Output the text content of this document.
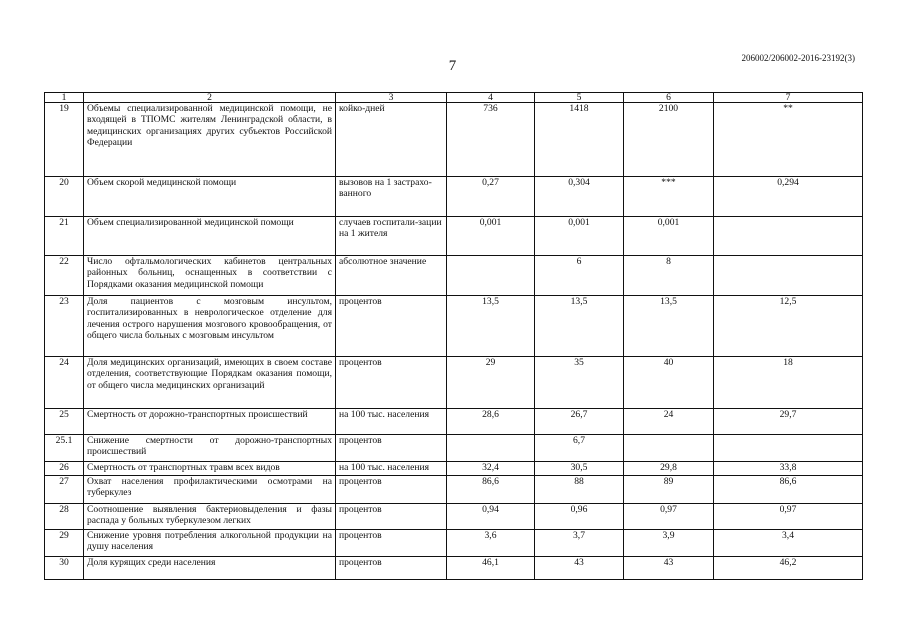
206002/206002-2016-23192(3)
7
1	2	3	4	5	6	7
19	Объемы специализированной медицинской помощи, не входящей в ТПОМС жителям Ленинградской области, в медицинских организациях других субъектов Российской Федерации	койко-дней	736	1418	2100	**
20	Объем скорой медицинской помощи	вызовов на 1 застрахо-ванного	0,27	0,304	***	0,294
21	Объем специализированной медицинской помощи	случаев госпитали-зации на 1 жителя	0,001	0,001	0,001	
22	Число офтальмологических кабинетов центральных районных больниц, оснащенных в соответствии с Порядками оказания медицинской помощи	абсолютное значение		6	8	
23	Доля пациентов с мозговым инсультом, госпитализированных в неврологическое отделение для лечения острого нарушения мозгового кровообращения, от общего числа больных с мозговым инсультом	процентов	13,5	13,5	13,5	12,5
24	Доля медицинских организаций, имеющих в своем составе отделения, соответствующие Порядкам оказания помощи, от общего числа медицинских организаций	процентов	29	35	40	18
25	Смертность от дорожно-транспортных происшествий	на 100 тыс. населения	28,6	26,7	24	29,7
25.1	Снижение смертности от дорожно-транспортных происшествий	процентов		6,7		
26	Смертность от транспортных травм всех видов	на 100 тыс. населения	32,4	30,5	29,8	33,8
27	Охват населения профилактическими осмотрами на туберкулез	процентов	86,6	88	89	86,6
28	Соотношение выявления бактериовыделения и фазы распада у больных туберкулезом легких	процентов	0,94	0,96	0,97	0,97
29	Снижение уровня потребления алкогольной продукции на душу населения	процентов	3,6	3,7	3,9	3,4
30	Доля курящих среди населения	процентов	46,1	43	43	46,2
